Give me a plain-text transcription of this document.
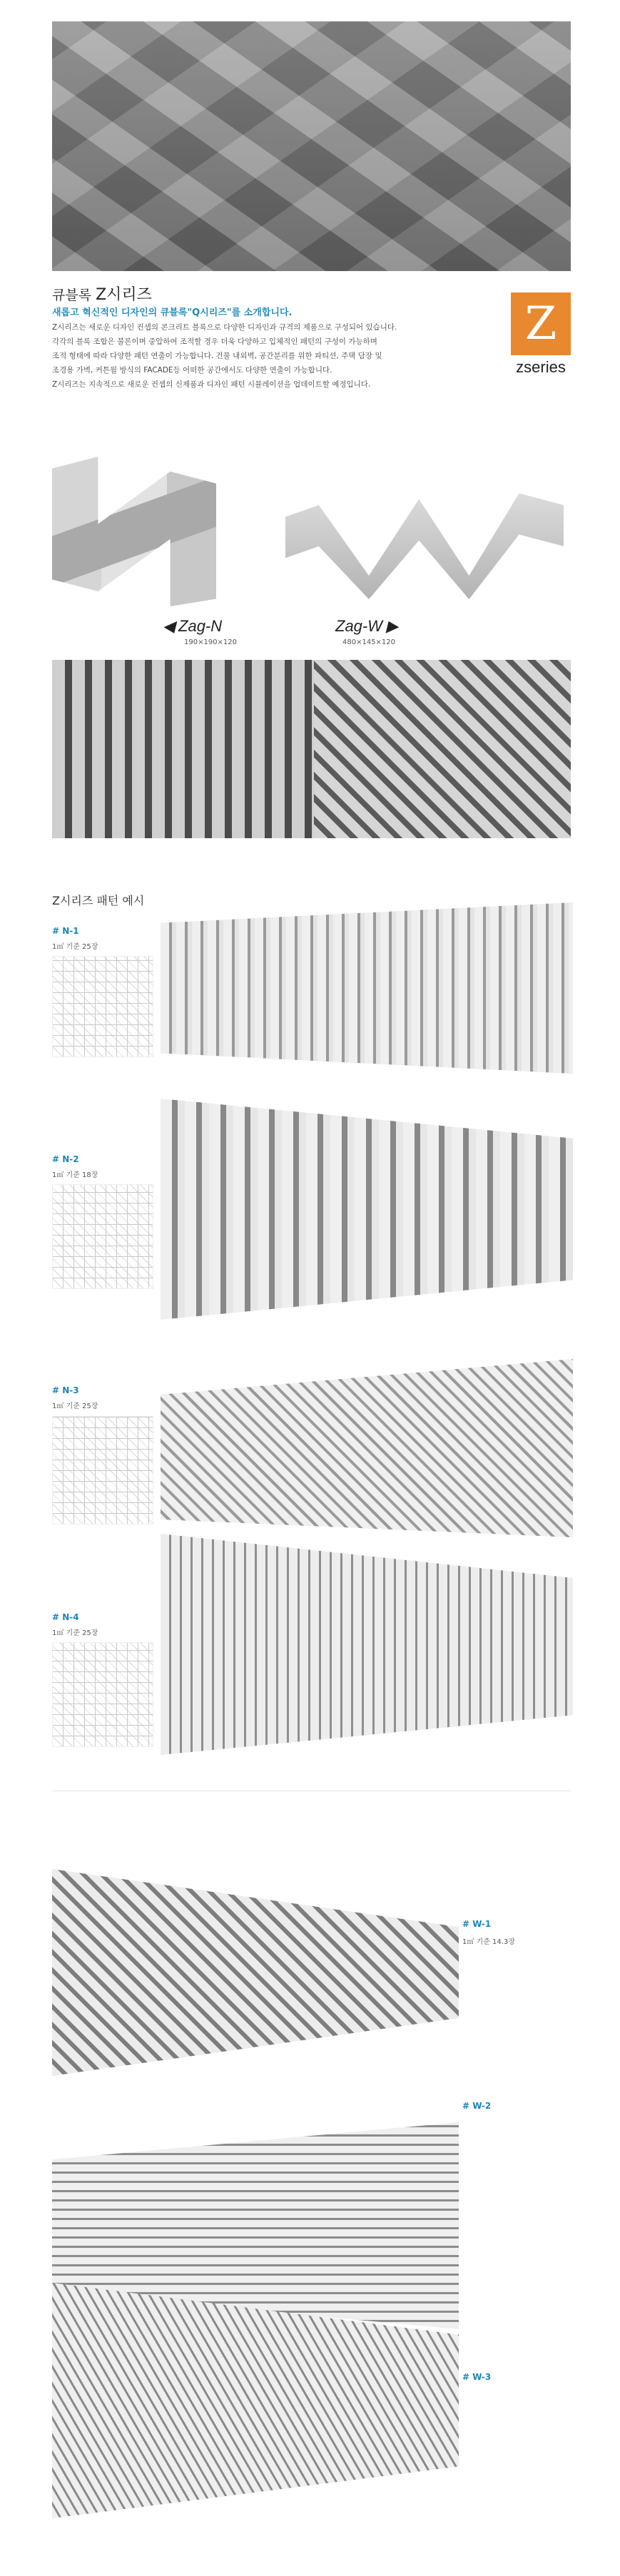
큐블록 Z시리즈
새롭고 혁신적인 디자인의 큐블록"Q시리즈"를 소개합니다.
Z시리즈는 새로운 디자인 컨셉의 콘크리트 블록으로 다양한 디자인과 규격의 제품으로 구성되어 있습니다.
각각의 블록 조합은 불론이며 중압하여 조적할 경우 더욱 다양하고 입체적인 패턴의 구성이 가능하며
조적 형태에 따라 다양한 패턴 연출이 가능합니다. 건물 내외벽, 공간분리를 위한 파티션, 주택 담장 및
조경용 가벽, 커튼월 방식의 FACADE등 어떠한 공간에서도 다양한 연출이 가능합니다.
Z시리즈는 지속적으로 새로운 컨셉의 신제품과 디자인 패턴 시뮬레이션을 업데이트할 예정입니다.
Z
zseries
◀ Zag-N
190×190×120
Zag-W ▶
480×145×120
Z시리즈 패턴 예시
# N-1
1㎡ 기준 25장
# N-2
1㎡ 기준 18장
# N-3
1㎡ 기준 25장
# N-4
1㎡ 기준 25장
# W-1
1㎡ 기준 14.3장
# W-2
# W-3
